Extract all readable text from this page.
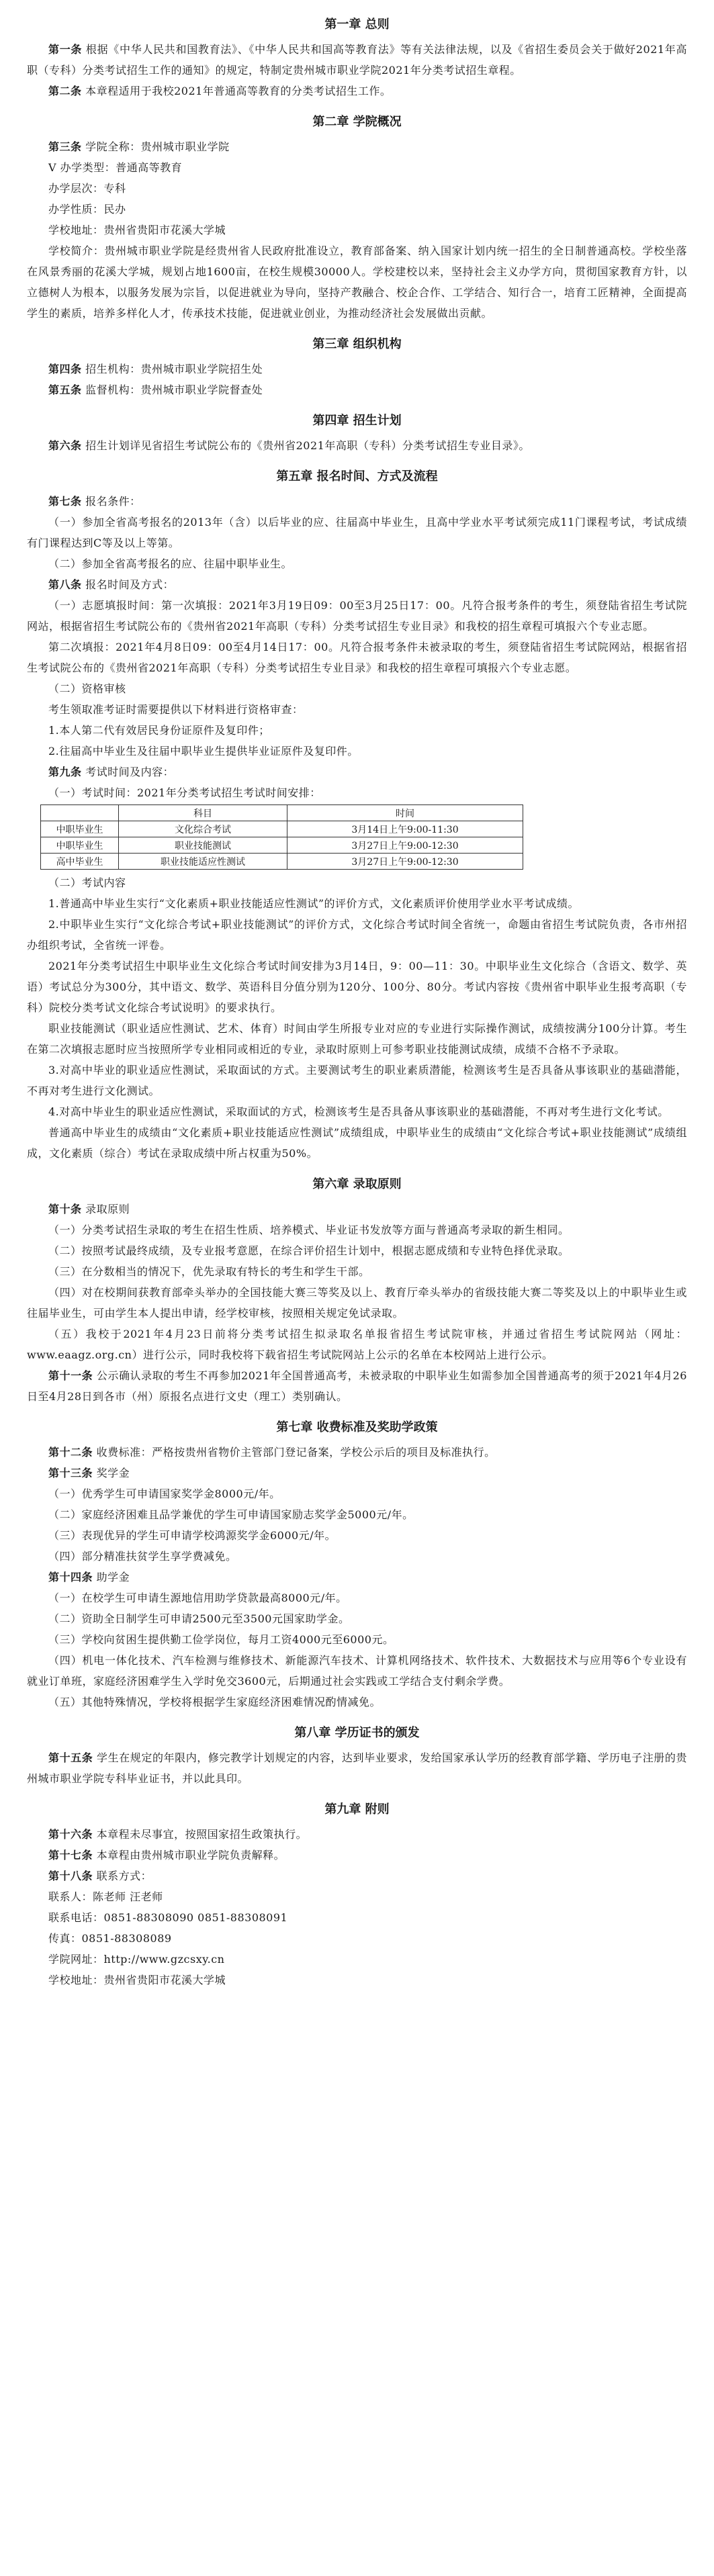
第一章 总则

第一条 根据《中华人民共和国教育法》、《中华人民共和国高等教育法》等有关法律法规，以及《省招生委员会关于做好2021年高职（专科）分类考试招生工作的通知》的规定，特制定贵州城市职业学院2021年分类考试招生章程。

第二条 本章程适用于我校2021年普通高等教育的分类考试招生工作。

第二章 学院概况

第三条 学院全称：贵州城市职业学院

V 办学类型：普通高等教育

办学层次：专科

办学性质：民办

学校地址：贵州省贵阳市花溪大学城

学校简介：贵州城市职业学院是经贵州省人民政府批准设立，教育部备案、纳入国家计划内统一招生的全日制普通高校。学校坐落在风景秀丽的花溪大学城，规划占地1600亩，在校生规模30000人。学校建校以来，坚持社会主义办学方向，贯彻国家教育方针，以立德树人为根本，以服务发展为宗旨，以促进就业为导向，坚持产教融合、校企合作、工学结合、知行合一，培育工匠精神，全面提高学生的素质，培养多样化人才，传承技术技能，促进就业创业，为推动经济社会发展做出贡献。

第三章 组织机构

第四条 招生机构：贵州城市职业学院招生处

第五条 监督机构：贵州城市职业学院督查处

第四章 招生计划

第六条 招生计划详见省招生考试院公布的《贵州省2021年高职（专科）分类考试招生专业目录》。

第五章 报名时间、方式及流程

第七条 报名条件：

（一）参加全省高考报名的2013年（含）以后毕业的应、往届高中毕业生，且高中学业水平考试须完成11门课程考试，考试成绩有门课程达到C等及以上等第。

（二）参加全省高考报名的应、往届中职毕业生。

第八条 报名时间及方式：

（一）志愿填报时间：第一次填报：2021年3月19日09：00至3月25日17：00。凡符合报考条件的考生，须登陆省招生考试院网站，根据省招生考试院公布的《贵州省2021年高职（专科）分类考试招生专业目录》和我校的招生章程可填报六个专业志愿。

第二次填报：2021年4月8日09：00至4月14日17：00。凡符合报考条件未被录取的考生，须登陆省招生考试院网站，根据省招生考试院公布的《贵州省2021年高职（专科）分类考试招生专业目录》和我校的招生章程可填报六个专业志愿。

（二）资格审核

考生领取准考证时需要提供以下材料进行资格审查：

1.本人第二代有效居民身份证原件及复印件；

2.往届高中毕业生及往届中职毕业生提供毕业证原件及复印件。

第九条 考试时间及内容：

（一）考试时间：2021年分类考试招生考试时间安排：

	科目	时间
中职毕业生	文化综合考试	3月14日上午9:00-11:30
中职毕业生	职业技能测试	3月27日上午9:00-12:30
高中毕业生	职业技能适应性测试	3月27日上午9:00-12:30

（二）考试内容

1.普通高中毕业生实行“文化素质+职业技能适应性测试”的评价方式，文化素质评价使用学业水平考试成绩。

2.中职毕业生实行“文化综合考试+职业技能测试”的评价方式，文化综合考试时间全省统一，命题由省招生考试院负责，各市州招办组织考试，全省统一评卷。

2021年分类考试招生中职毕业生文化综合考试时间安排为3月14日，9：00—11：30。中职毕业生文化综合（含语文、数学、英语）考试总分为300分，其中语文、数学、英语科目分值分别为120分、100分、80分。考试内容按《贵州省中职毕业生报考高职（专科）院校分类考试文化综合考试说明》的要求执行。

职业技能测试（职业适应性测试、艺术、体育）时间由学生所报专业对应的专业进行实际操作测试，成绩按满分100分计算。考生在第二次填报志愿时应当按照所学专业相同或相近的专业，录取时原则上可参考职业技能测试成绩，成绩不合格不予录取。

3.对高中毕业的职业适应性测试，采取面试的方式。主要测试考生的职业素质潜能，检测该考生是否具备从事该职业的基础潜能，不再对考生进行文化测试。

4.对高中毕业生的职业适应性测试，采取面试的方式，检测该考生是否具备从事该职业的基础潜能，不再对考生进行文化考试。

普通高中毕业生的成绩由“文化素质+职业技能适应性测试”成绩组成，中职毕业生的成绩由“文化综合考试+职业技能测试”成绩组成，文化素质（综合）考试在录取成绩中所占权重为50%。

第六章 录取原则

第十条 录取原则

（一）分类考试招生录取的考生在招生性质、培养模式、毕业证书发放等方面与普通高考录取的新生相同。

（二）按照考试最终成绩，及专业报考意愿，在综合评价招生计划中，根据志愿成绩和专业特色择优录取。

（三）在分数相当的情况下，优先录取有特长的考生和学生干部。

（四）对在校期间获教育部牵头举办的全国技能大赛三等奖及以上、教育厅牵头举办的省级技能大赛二等奖及以上的中职毕业生或往届毕业生，可由学生本人提出申请，经学校审核，按照相关规定免试录取。

（五）我校于2021年4月23日前将分类考试招生拟录取名单报省招生考试院审核，并通过省招生考试院网站（网址：www.eaagz.org.cn）进行公示，同时我校将下载省招生考试院网站上公示的名单在本校网站上进行公示。

第十一条 公示确认录取的考生不再参加2021年全国普通高考，未被录取的中职毕业生如需参加全国普通高考的须于2021年4月26日至4月28日到各市（州）原报名点进行文史（理工）类别确认。

第七章 收费标准及奖助学政策

第十二条 收费标准：严格按贵州省物价主管部门登记备案，学校公示后的项目及标准执行。

第十三条 奖学金

（一）优秀学生可申请国家奖学金8000元/年。

（二）家庭经济困难且品学兼优的学生可申请国家励志奖学金5000元/年。

（三）表现优异的学生可申请学校鸿源奖学金6000元/年。

（四）部分精准扶贫学生享学费减免。

第十四条 助学金

（一）在校学生可申请生源地信用助学贷款最高8000元/年。

（二）资助全日制学生可申请2500元至3500元国家助学金。

（三）学校向贫困生提供勤工俭学岗位，每月工资4000元至6000元。

（四）机电一体化技术、汽车检测与维修技术、新能源汽车技术、计算机网络技术、软件技术、大数据技术与应用等6个专业设有就业订单班，家庭经济困难学生入学时免交3600元，后期通过社会实践或工学结合支付剩余学费。

（五）其他特殊情况，学校将根据学生家庭经济困难情况酌情减免。

第八章 学历证书的颁发

第十五条 学生在规定的年限内，修完教学计划规定的内容，达到毕业要求，发给国家承认学历的经教育部学籍、学历电子注册的贵州城市职业学院专科毕业证书，并以此具印。

第九章 附则

第十六条 本章程未尽事宜，按照国家招生政策执行。

第十七条 本章程由贵州城市职业学院负责解释。

第十八条 联系方式：

联系人：陈老师 汪老师

联系电话：0851-88308090 0851-88308091

传真：0851-88308089

学院网址：http://www.gzcsxy.cn

学校地址：贵州省贵阳市花溪大学城
